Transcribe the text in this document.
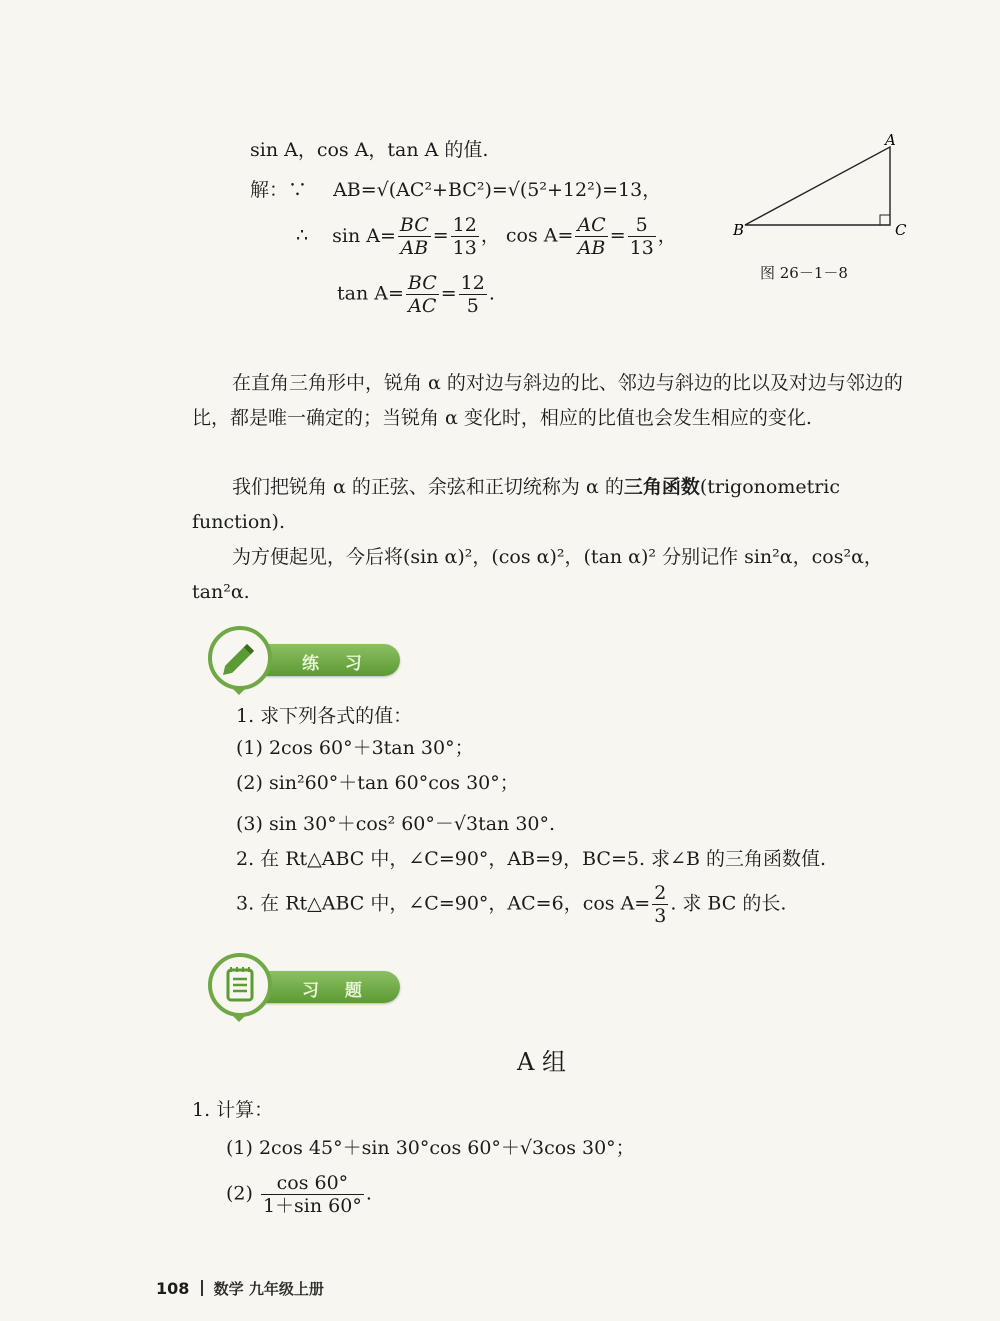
sin A，cos A，tan A 的值.
解：∵ AB=√(AC²+BC²)=√(5²+12²)=13，
∴ $\sin A= \frac{BC}{AB} = \frac{12}{13}$ ， $\cos A= \frac{AC}{AB} = \frac{5}{13}$ ，
$\tan A= \frac{BC}{AC} = \frac{12}{5}$ .
A
B	C
图 26－1－8
在直角三角形中，锐角 α 的对边与斜边的比、邻边与斜边的比以及对边与邻边的比，都是唯一确定的；当锐角 α 变化时，相应的比值也会发生相应的变化.
我们把锐角 α 的正弦、余弦和正切统称为 α 的三角函数(trigonometric function).
为方便起见，今后将(sin α)²，(cos α)²，(tan α)² 分别记作 sin²α，cos²α，tan²α.
练 习
1. 求下列各式的值：
(1) 2cos 60°＋3tan 30°；
(2) sin²60°＋tan 60°cos 30°；
(3) sin 30°＋cos² 60°－√3tan 30°.
2. 在 Rt△ABC 中，∠C=90°，AB=9，BC=5. 求∠B 的三角函数值.
3. 在 Rt△ABC 中，∠C=90°，AC=6，$\cos A= \frac{2}{3}$ . 求 BC 的长.
习 题
A 组
1. 计算：
(1) 2cos 45°＋sin 30°cos 60°＋√3cos 30°；
$(2) \frac{\cos 60^\circ}{1+\sin 60^\circ}$ .
108 数学 九年级上册
